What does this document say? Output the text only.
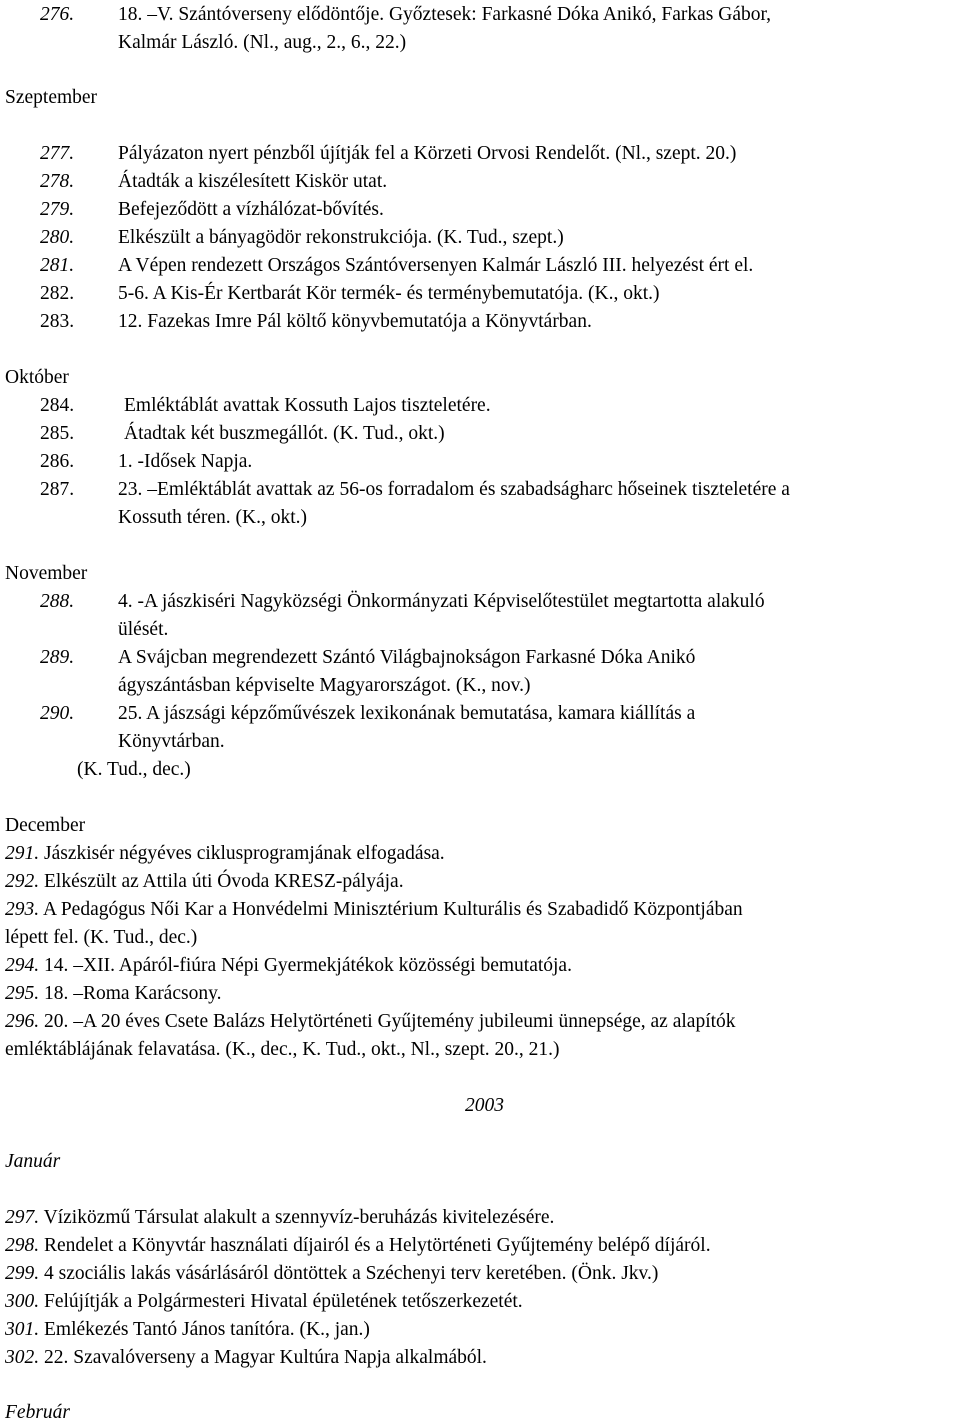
276. 18. –V. Szántóverseny elődöntője. Győztesek: Farkasné Dóka Anikó, Farkas Gábor,
Kalmár László. (Nl., aug., 2., 6., 22.)
Szeptember
277. Pályázaton nyert pénzből újítják fel a Körzeti Orvosi Rendelőt. (Nl., szept. 20.)
278. Átadták a kiszélesített Kiskör utat.
279. Befejeződött a vízhálózat-bővítés.
280. Elkészült a bányagödör rekonstrukciója. (K. Tud., szept.)
281. A Vépen rendezett Országos Szántóversenyen Kalmár László III. helyezést ért el.
282. 5-6. A Kis-Ér Kertbarát Kör termék- és terménybemutatója. (K., okt.)
283. 12. Fazekas Imre Pál költő könyvbemutatója a Könyvtárban.
Október
284.	Emléktáblát avattak Kossuth Lajos tiszteletére.
285.	Átadtak két buszmegállót. (K. Tud., okt.)
286. 1. -Idősek Napja.
287. 23. –Emléktáblát avattak az 56-os forradalom és szabadságharc hőseinek tiszteletére a
Kossuth téren. (K., okt.)
November
288. 4. -A jászkiséri Nagyközségi Önkormányzati Képviselőtestület megtartotta alakuló
ülését.
289. A Svájcban megrendezett Szántó Világbajnokságon Farkasné Dóka Anikó
ágyszántásban képviselte Magyarországot. (K., nov.)
290. 25. A jászsági képzőművészek lexikonának bemutatása, kamara kiállítás a
Könyvtárban.
(K. Tud., dec.)
December
291. Jászkisér négyéves ciklusprogramjának elfogadása.
292. Elkészült az Attila úti Óvoda KRESZ-pályája.
293. A Pedagógus Női Kar a Honvédelmi Minisztérium Kulturális és Szabadidő Központjában
lépett fel. (K. Tud., dec.)
294. 14. –XII. Apáról-fiúra Népi Gyermekjátékok közösségi bemutatója.
295. 18. –Roma Karácsony.
296. 20. –A 20 éves Csete Balázs Helytörténeti Gyűjtemény jubileumi ünnepsége, az alapítók
emléktáblájának felavatása. (K., dec., K. Tud., okt., Nl., szept. 20., 21.)
2003
Január
297. Víziközmű Társulat alakult a szennyvíz-beruházás kivitelezésére.
298. Rendelet a Könyvtár használati díjairól és a Helytörténeti Gyűjtemény belépő díjáról.
299. 4 szociális lakás vásárlásáról döntöttek a Széchenyi terv keretében. (Önk. Jkv.)
300. Felújítják a Polgármesteri Hivatal épületének tetőszerkezetét.
301. Emlékezés Tantó János tanítóra. (K., jan.)
302. 22. Szavalóverseny a Magyar Kultúra Napja alkalmából.
Február
